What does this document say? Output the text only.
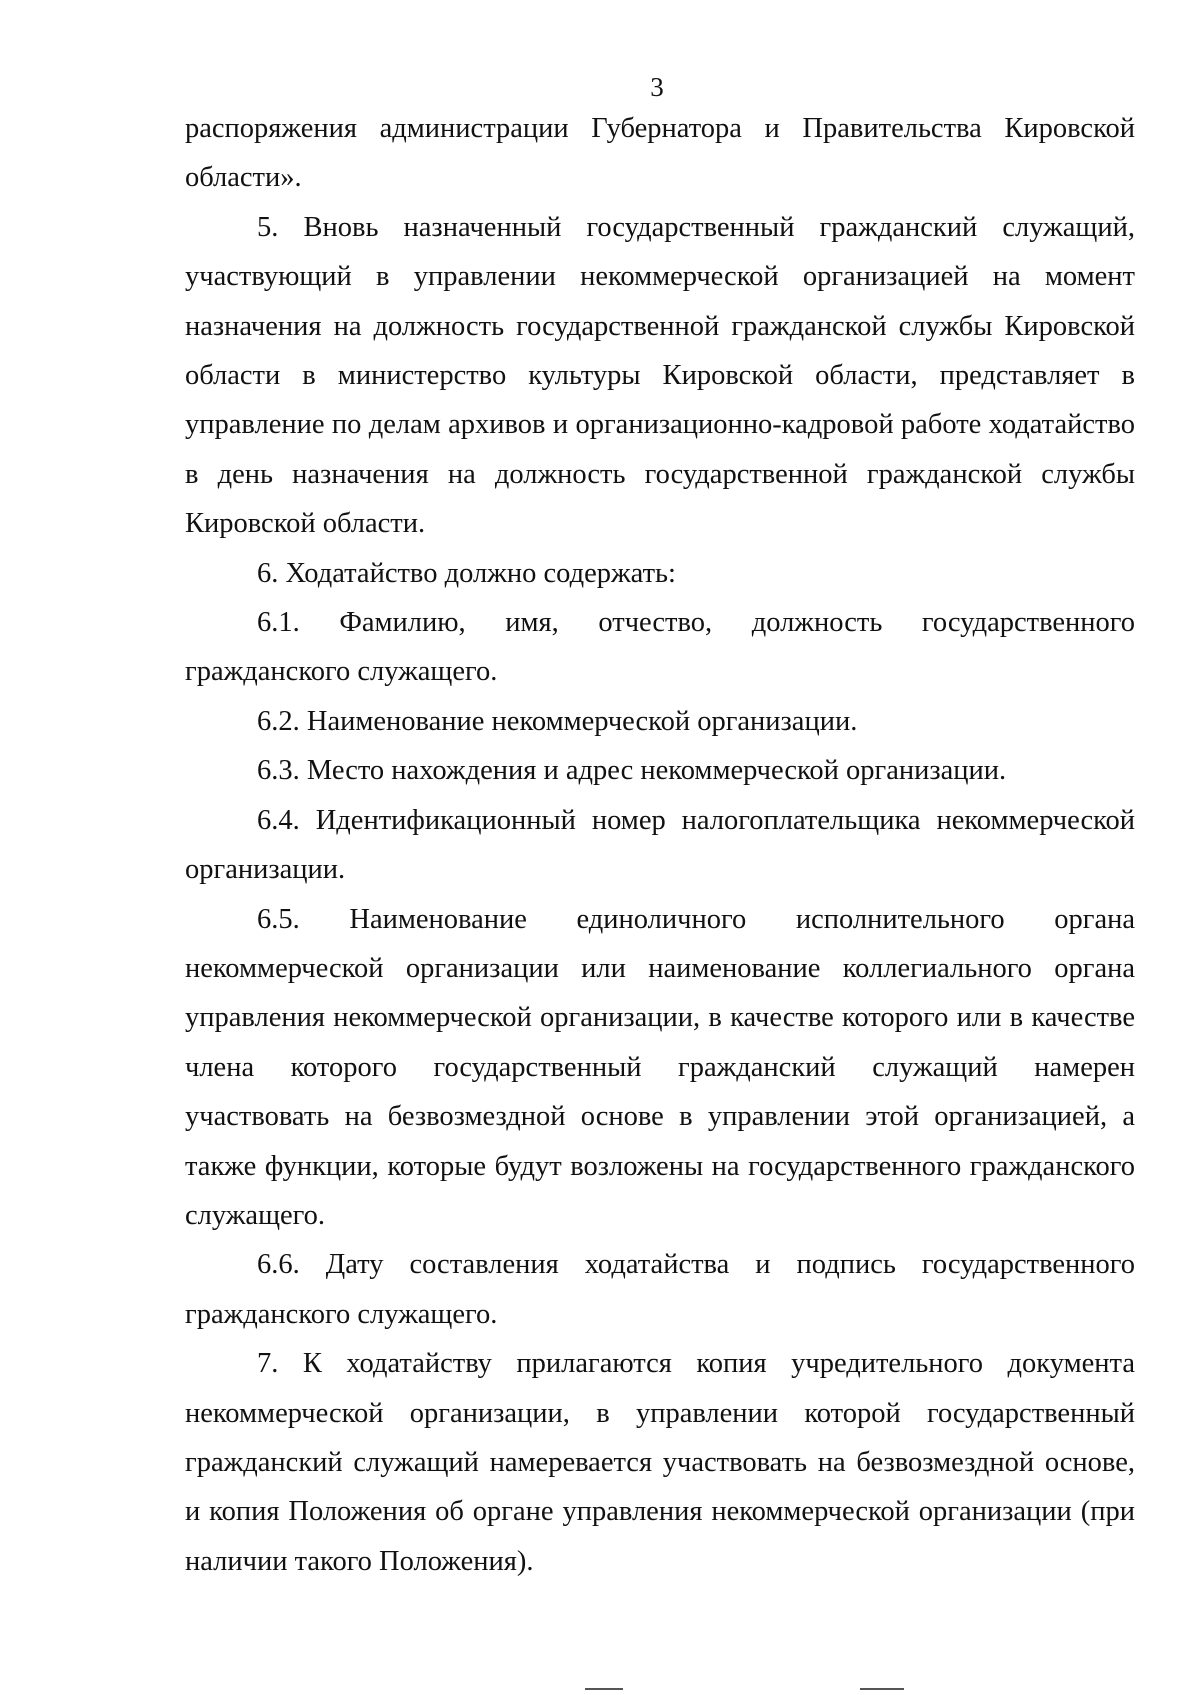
3

распоряжения администрации Губернатора и Правительства Кировской области».

5. Вновь назначенный государственный гражданский служащий, участвующий в управлении некоммерческой организацией на момент назначения на должность государственной гражданской службы Кировской области в министерство культуры Кировской области, представляет в управление по делам архивов и организационно-кадровой работе ходатайство в день назначения на должность государственной гражданской службы Кировской области.

6. Ходатайство должно содержать:

6.1. Фамилию, имя, отчество, должность государственного гражданского служащего.

6.2. Наименование некоммерческой организации.

6.3. Место нахождения и адрес некоммерческой организации.

6.4. Идентификационный номер налогоплательщика некоммерческой организации.

6.5. Наименование единоличного исполнительного органа некоммерческой организации или наименование коллегиального органа управления некоммерческой организации, в качестве которого или в качестве члена которого государственный гражданский служащий намерен участвовать на безвозмездной основе в управлении этой организацией, а также функции, которые будут возложены на государственного гражданского служащего.

6.6. Дату составления ходатайства и подпись государственного гражданского служащего.

7. К ходатайству прилагаются копия учредительного документа некоммерческой организации, в управлении которой государственный гражданский служащий намеревается участвовать на безвозмездной основе, и копия Положения об органе управления некоммерческой организации (при наличии такого Положения).
